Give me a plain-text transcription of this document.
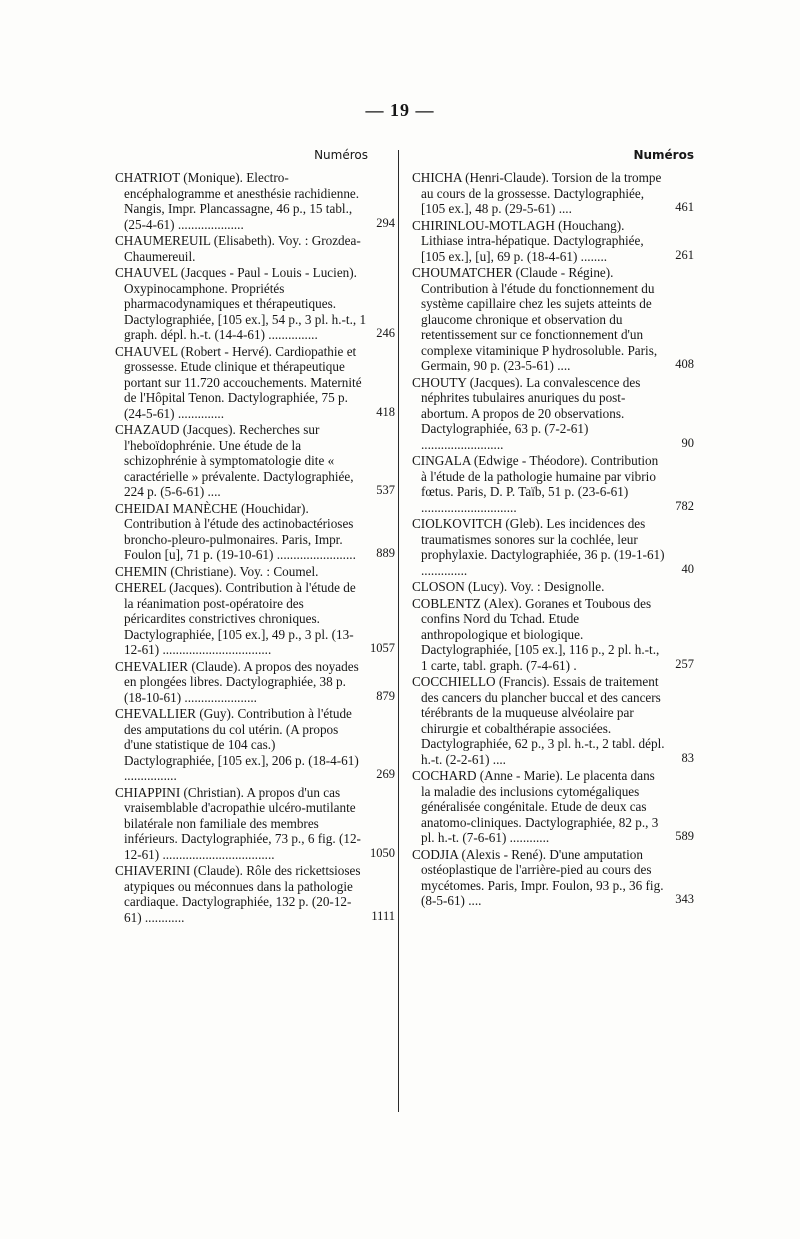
— 19 —
Numéros
CHATRIOT (Monique). Electro-encéphalogramme et anesthésie rachidienne. Nangis, Impr. Plancassagne, 46 p., 15 tabl., (25-4-61) ....................	294
CHAUMEREUIL (Elisabeth). Voy. : Grozdea-Chaumereuil.
CHAUVEL (Jacques - Paul - Louis - Lucien). Oxypinocamphone. Propriétés pharmacodynamiques et thérapeutiques. Dactylographiée, [105 ex.], 54 p., 3 pl. h.-t., 1 graph. dépl. h.-t. (14-4-61) ...............	246
CHAUVEL (Robert - Hervé). Cardiopathie et grossesse. Etude clinique et thérapeutique portant sur 11.720 accouchements. Maternité de l'Hôpital Tenon. Dactylographiée, 75 p. (24-5-61) ..............	418
CHAZAUD (Jacques). Recherches sur l'heboïdophrénie. Une étude de la schizophrénie à symptomatologie dite « caractérielle » prévalente. Dactylographiée, 224 p. (5-6-61) ....	537
CHEIDAI MANÈCHE (Houchidar). Contribution à l'étude des actinobactérioses broncho-pleuro-pulmonaires. Paris, Impr. Foulon [u], 71 p. (19-10-61) ........................	889
CHEMIN (Christiane). Voy. : Coumel.
CHEREL (Jacques). Contribution à l'étude de la réanimation post-opératoire des péricardites constrictives chroniques. Dactylographiée, [105 ex.], 49 p., 3 pl. (13-12-61) .................................	1057
CHEVALIER (Claude). A propos des noyades en plongées libres. Dactylographiée, 38 p. (18-10-61) ......................	879
CHEVALLIER (Guy). Contribution à l'étude des amputations du col utérin. (A propos d'une statistique de 104 cas.) Dactylographiée, [105 ex.], 206 p. (18-4-61) ................	269
CHIAPPINI (Christian). A propos d'un cas vraisemblable d'acropathie ulcéro-mutilante bilatérale non familiale des membres inférieurs. Dactylographiée, 73 p., 6 fig. (12-12-61) ..................................	1050
CHIAVERINI (Claude). Rôle des rickettsioses atypiques ou méconnues dans la pathologie cardiaque. Dactylographiée, 132 p. (20-12-61) ............	1111
Numéros
CHICHA (Henri-Claude). Torsion de la trompe au cours de la grossesse. Dactylographiée, [105 ex.], 48 p. (29-5-61) ....	461
CHIRINLOU-MOTLAGH (Houchang). Lithiase intra-hépatique. Dactylographiée, [105 ex.], [u], 69 p. (18-4-61) ........	261
CHOUMATCHER (Claude - Régine). Contribution à l'étude du fonctionnement du système capillaire chez les sujets atteints de glaucome chronique et observation du retentissement sur ce fonctionnement d'un complexe vitaminique P hydrosoluble. Paris, Germain, 90 p. (23-5-61) ....	408
CHOUTY (Jacques). La convalescence des néphrites tubulaires anuriques du post-abortum. A propos de 20 observations. Dactylographiée, 63 p. (7-2-61) .........................	90
CINGALA (Edwige - Théodore). Contribution à l'étude de la pathologie humaine par vibrio fœtus. Paris, D. P. Taïb, 51 p. (23-6-61) .............................	782
CIOLKOVITCH (Gleb). Les incidences des traumatismes sonores sur la cochlée, leur prophylaxie. Dactylographiée, 36 p. (19-1-61) ..............	40
CLOSON (Lucy). Voy. : Designolle.
COBLENTZ (Alex). Goranes et Toubous des confins Nord du Tchad. Etude anthropologique et biologique. Dactylographiée, [105 ex.], 116 p., 2 pl. h.-t., 1 carte, tabl. graph. (7-4-61) .	257
COCCHIELLO (Francis). Essais de traitement des cancers du plancher buccal et des cancers térébrants de la muqueuse alvéolaire par chirurgie et cobalthérapie associées. Dactylographiée, 62 p., 3 pl. h.-t., 2 tabl. dépl. h.-t. (2-2-61) ....	83
COCHARD (Anne - Marie). Le placenta dans la maladie des inclusions cytomégaliques généralisée congénitale. Etude de deux cas anatomo-cliniques. Dactylographiée, 82 p., 3 pl. h.-t. (7-6-61) ............	589
CODJIA (Alexis - René). D'une amputation ostéoplastique de l'arrière-pied au cours des mycétomes. Paris, Impr. Foulon, 93 p., 36 fig. (8-5-61) ....	343
